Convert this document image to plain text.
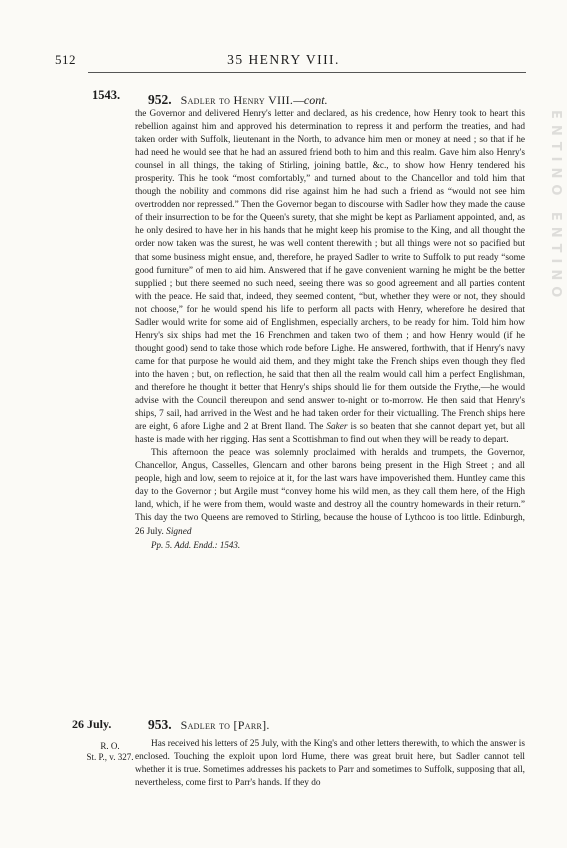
512	35 HENRY VIII.
1543. 952. Sadler to Henry VIII.—cont.

the Governor and delivered Henry's letter and declared, as his credence, how Henry took to heart this rebellion against him and approved his determination to repress it and perform the treaties, and had taken order with Suffolk, lieutenant in the North, to advance him men or money at need ; so that if he had need he would see that he had an assured friend both to him and this realm. Gave him also Henry's counsel in all things, the taking of Stirling, joining battle, &c., to show how Henry tendered his prosperity. This he took “most comfortably,” and turned about to the Chancellor and told him that though the nobility and commons did rise against him he had such a friend as “would not see him overtrodden nor repressed.” Then the Governor began to discourse with Sadler how they made the cause of their insurrection to be for the Queen's surety, that she might be kept as Parliament appointed, and, as he only desired to have her in his hands that he might keep his promise to the King, and all thought the order now taken was the surest, he was well content therewith ; but all things were not so pacified but that some business might ensue, and, therefore, he prayed Sadler to write to Suffolk to put ready “some good furniture” of men to aid him. Answered that if he gave convenient warning he might be the better supplied ; but there seemed no such need, seeing there was so good agreement and all parties content with the peace. He said that, indeed, they seemed content, “but, whether they were or not, they should not choose,” for he would spend his life to perform all pacts with Henry, wherefore he desired that Sadler would write for some aid of Englishmen, especially archers, to be ready for him. Told him how Henry's six ships had met the 16 Frenchmen and taken two of them ; and how Henry would (if he thought good) send to take those which rode before Lighe. He answered, forthwith, that if Henry's navy came for that purpose he would aid them, and they might take the French ships even though they fled into the haven ; but, on reflection, he said that then all the realm would call him a perfect Englishman, and therefore he thought it better that Henry's ships should lie for them outside the Frythe,—he would advise with the Council thereupon and send answer to-night or to-morrow. He then said that Henry's ships, 7 sail, had arrived in the West and he had taken order for their victualling. The French ships here are eight, 6 afore Lighe and 2 at Brent Iland. The Saker is so beaten that she cannot depart yet, but all haste is made with her rigging. Has sent a Scottishman to find out when they will be ready to depart.

This afternoon the peace was solemnly proclaimed with heralds and trumpets, the Governor, Chancellor, Angus, Casselles, Glencarn and other barons being present in the High Street ; and all people, high and low, seem to rejoice at it, for the last wars have impoverished them. Huntley came this day to the Governor ; but Argile must “convey home his wild men, as they call them here, of the High land, which, if he were from them, would waste and destroy all the country homewards in their return.” This day the two Queens are removed to Stirling, because the house of Lythcoo is too little. Edinburgh, 26 July. Signed

Pp. 5. Add. Endd.: 1543.

26 July.
R. O.
St. P., v. 327.
953. Sadler to [Parr].

Has received his letters of 25 July, with the King's and other letters therewith, to which the answer is enclosed. Touching the exploit upon lord Hume, there was great bruit here, but Sadler cannot tell whether it is true. Sometimes addresses his packets to Parr and sometimes to Suffolk, supposing that all, nevertheless, come first to Parr's hands. If they do

ENTINO ENTINO
